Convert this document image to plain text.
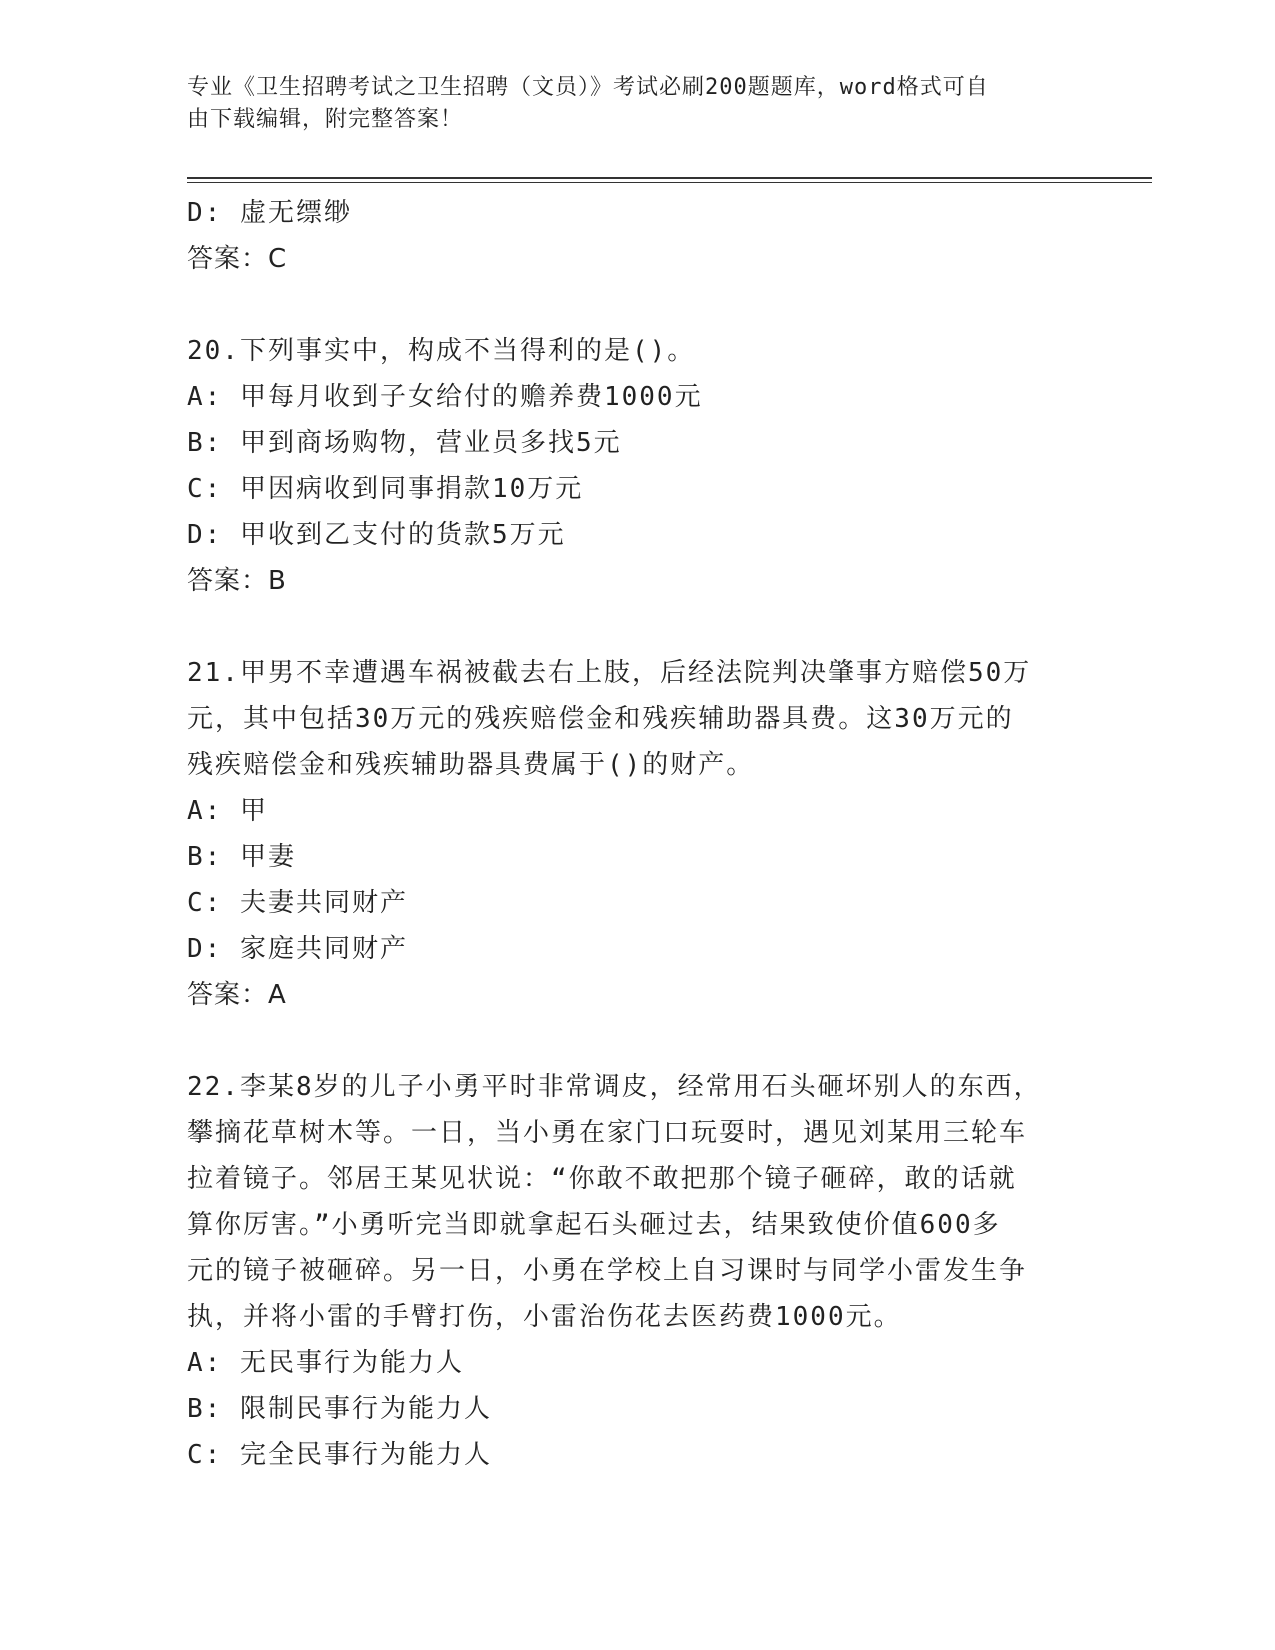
专业《卫生招聘考试之卫生招聘（文员）》考试必刷200题题库，word格式可自
由下载编辑，附完整答案！
D: 虚无缥缈
答案：C
20.下列事实中，构成不当得利的是()。
A: 甲每月收到子女给付的赡养费1000元
B: 甲到商场购物，营业员多找5元
C: 甲因病收到同事捐款10万元
D: 甲收到乙支付的货款5万元
答案：B
21.甲男不幸遭遇车祸被截去右上肢，后经法院判决肇事方赔偿50万
元，其中包括30万元的残疾赔偿金和残疾辅助器具费。这30万元的
残疾赔偿金和残疾辅助器具费属于()的财产。
A: 甲
B: 甲妻
C: 夫妻共同财产
D: 家庭共同财产
答案：A
22.李某8岁的儿子小勇平时非常调皮，经常用石头砸坏别人的东西，
攀摘花草树木等。一日，当小勇在家门口玩耍时，遇见刘某用三轮车
拉着镜子。邻居王某见状说：“你敢不敢把那个镜子砸碎，敢的话就
算你厉害。”小勇听完当即就拿起石头砸过去，结果致使价值600多
元的镜子被砸碎。另一日，小勇在学校上自习课时与同学小雷发生争
执，并将小雷的手臂打伤，小雷治伤花去医药费1000元。
A: 无民事行为能力人
B: 限制民事行为能力人
C: 完全民事行为能力人
